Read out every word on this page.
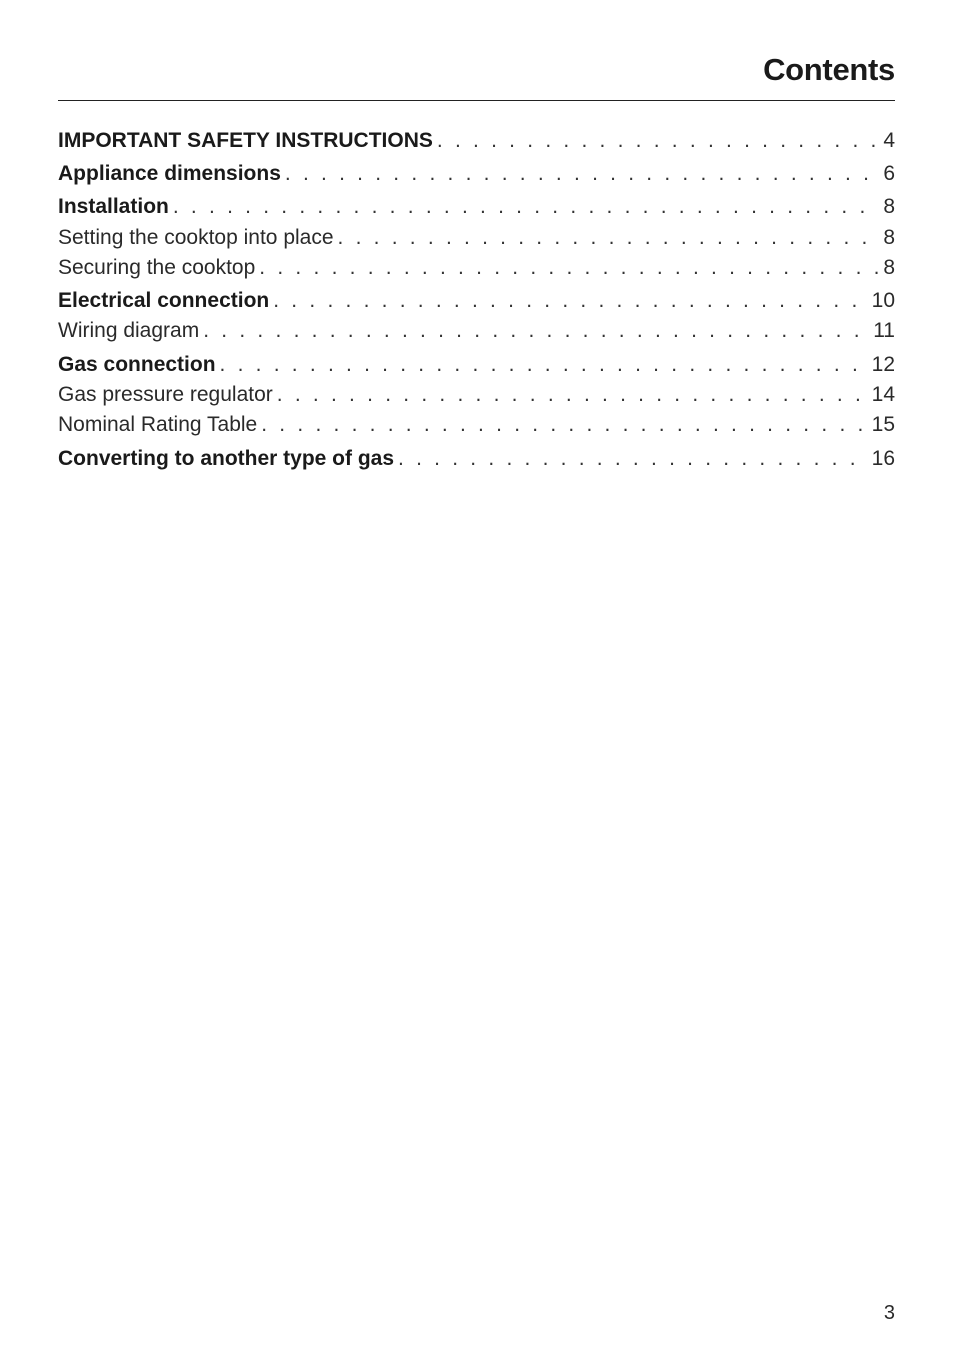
Contents
IMPORTANT SAFETY INSTRUCTIONS . . .	4
Appliance dimensions . . .	6
Installation . . .	8
Setting the cooktop into place . . .	8
Securing the cooktop . . .	8
Electrical connection . . .	10
Wiring diagram . . .	11
Gas connection . . .	12
Gas pressure regulator . . .	14
Nominal Rating Table . . .	15
Converting to another type of gas . . .	16
3
